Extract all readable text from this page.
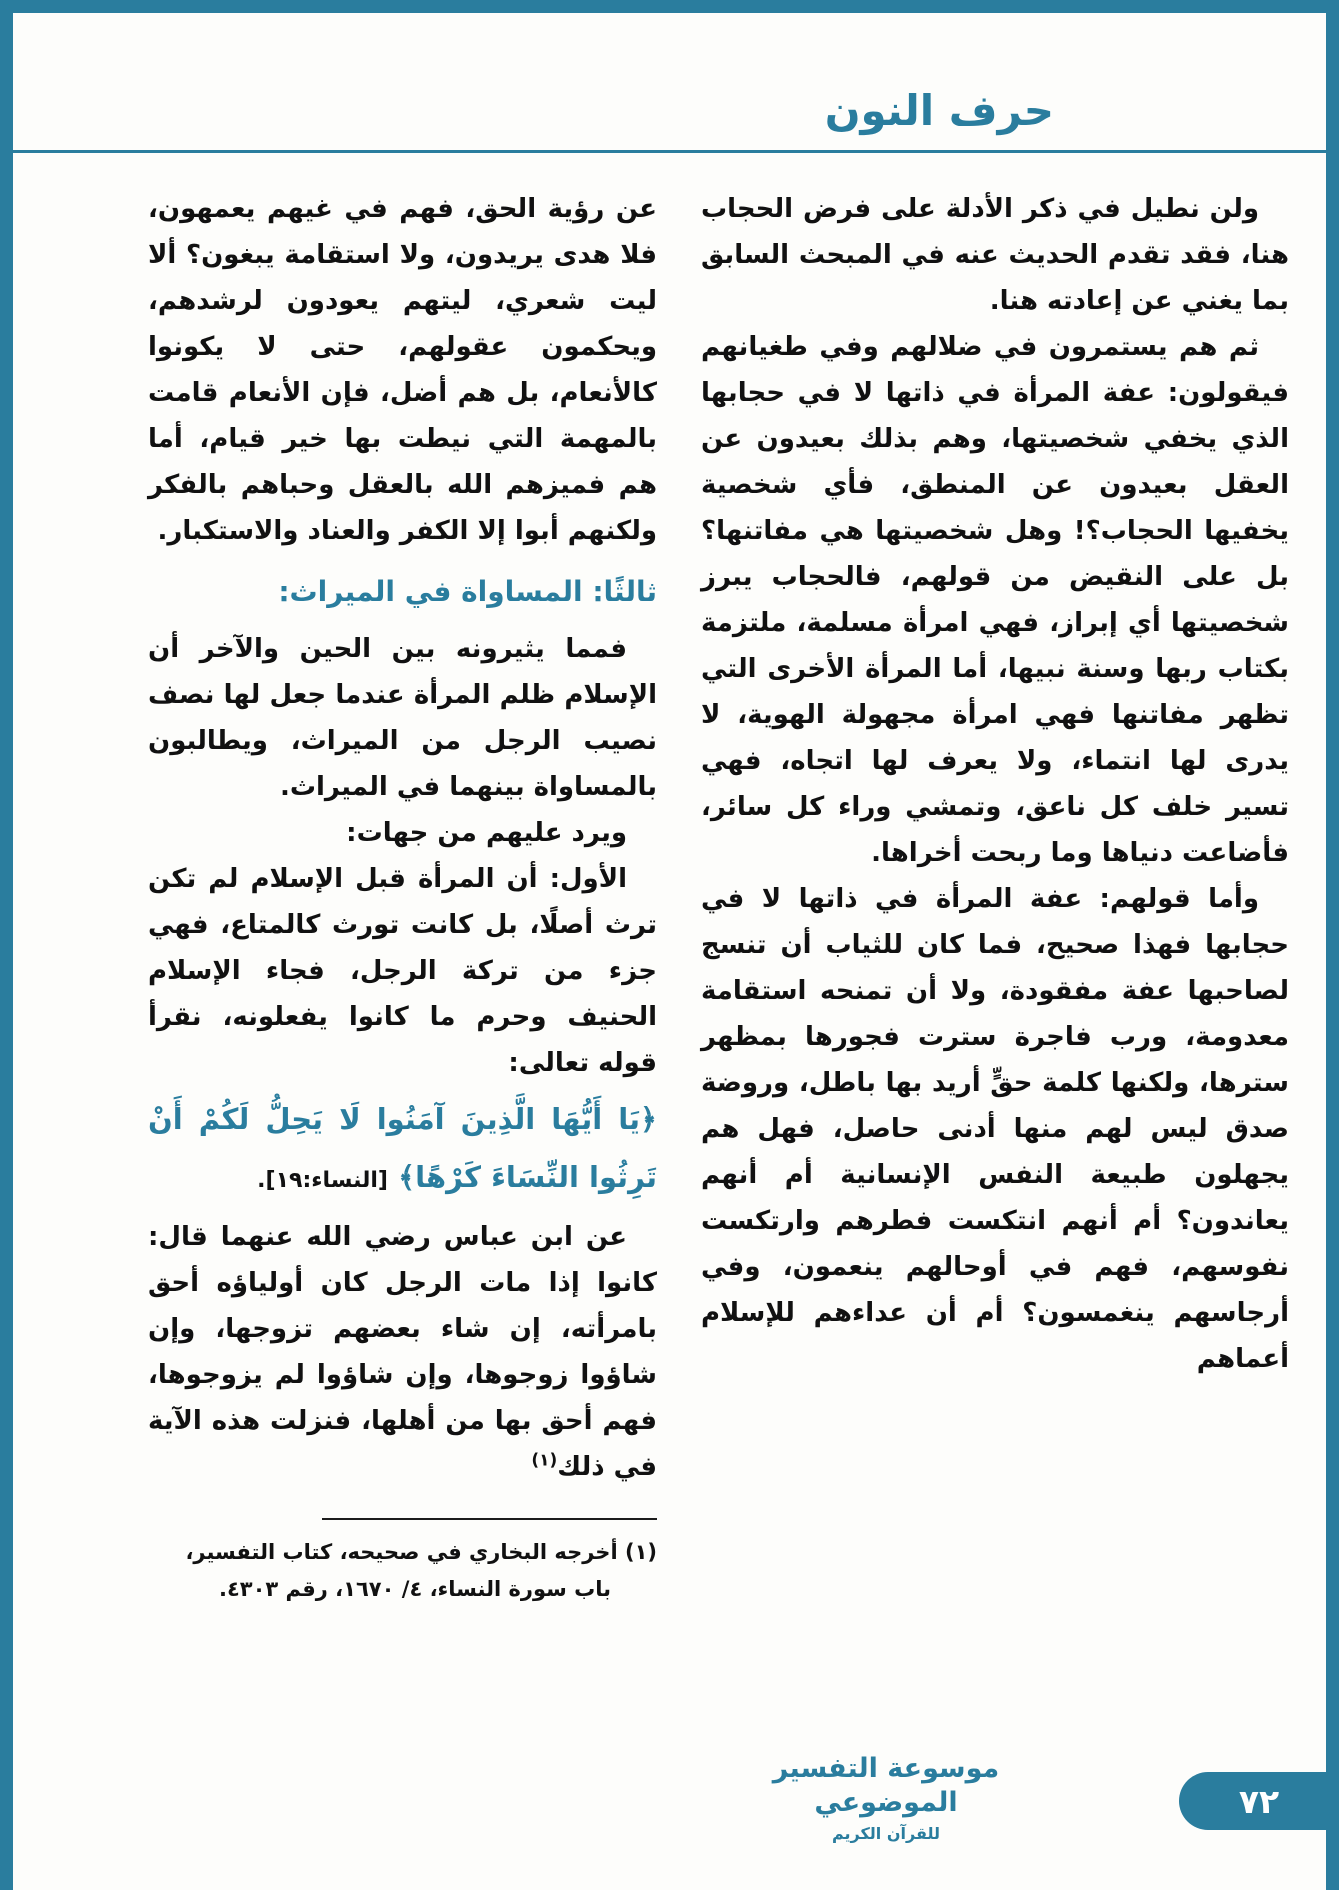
حرف النون

ولن نطيل في ذكر الأدلة على فرض الحجاب هنا، فقد تقدم الحديث عنه في المبحث السابق بما يغني عن إعادته هنا.

ثم هم يستمرون في ضلالهم وفي طغيانهم فيقولون: عفة المرأة في ذاتها لا في حجابها الذي يخفي شخصيتها، وهم بذلك بعيدون عن العقل بعيدون عن المنطق، فأي شخصية يخفيها الحجاب؟! وهل شخصيتها هي مفاتنها؟ بل على النقيض من قولهم، فالحجاب يبرز شخصيتها أي إبراز، فهي امرأة مسلمة، ملتزمة بكتاب ربها وسنة نبيها، أما المرأة الأخرى التي تظهر مفاتنها فهي امرأة مجهولة الهوية، لا يدرى لها انتماء، ولا يعرف لها اتجاه، فهي تسير خلف كل ناعق، وتمشي وراء كل سائر، فأضاعت دنياها وما ربحت أخراها.

وأما قولهم: عفة المرأة في ذاتها لا في حجابها فهذا صحيح، فما كان للثياب أن تنسج لصاحبها عفة مفقودة، ولا أن تمنحه استقامة معدومة، ورب فاجرة سترت فجورها بمظهر سترها، ولكنها كلمة حقٍّ أريد بها باطل، وروضة صدق ليس لهم منها أدنى حاصل، فهل هم يجهلون طبيعة النفس الإنسانية أم أنهم يعاندون؟ أم أنهم انتكست فطرهم وارتكست نفوسهم، فهم في أوحالهم ينعمون، وفي أرجاسهم ينغمسون؟ أم أن عداءهم للإسلام أعماهم

عن رؤية الحق، فهم في غيهم يعمهون، فلا هدى يريدون، ولا استقامة يبغون؟ ألا ليت شعري، ليتهم يعودون لرشدهم، ويحكمون عقولهم، حتى لا يكونوا كالأنعام، بل هم أضل، فإن الأنعام قامت بالمهمة التي نيطت بها خير قيام، أما هم فميزهم الله بالعقل وحباهم بالفكر ولكنهم أبوا إلا الكفر والعناد والاستكبار.

ثالثًا: المساواة في الميراث:

فمما يثيرونه بين الحين والآخر أن الإسلام ظلم المرأة عندما جعل لها نصف نصيب الرجل من الميراث، ويطالبون بالمساواة بينهما في الميراث.

ويرد عليهم من جهات:

الأول: أن المرأة قبل الإسلام لم تكن ترث أصلًا، بل كانت تورث كالمتاع، فهي جزء من تركة الرجل، فجاء الإسلام الحنيف وحرم ما كانوا يفعلونه، نقرأ قوله تعالى:

﴿يَا أَيُّهَا الَّذِينَ آمَنُوا لَا يَحِلُّ لَكُمْ أَنْ تَرِثُوا النِّسَاءَ كَرْهًا﴾ [النساء:١٩].

عن ابن عباس رضي الله عنهما قال: كانوا إذا مات الرجل كان أولياؤه أحق بامرأته، إن شاء بعضهم تزوجها، وإن شاؤوا زوجوها، وإن شاؤوا لم يزوجوها، فهم أحق بها من أهلها، فنزلت هذه الآية في ذلك$^{(١)}$

(١) أخرجه البخاري في صحيحه، كتاب التفسير، باب سورة النساء، ٤/ ١٦٧٠، رقم ٤٣٠٣.

موسوعة التفسير الموضوعي
للقرآن الكريم
٧٢
